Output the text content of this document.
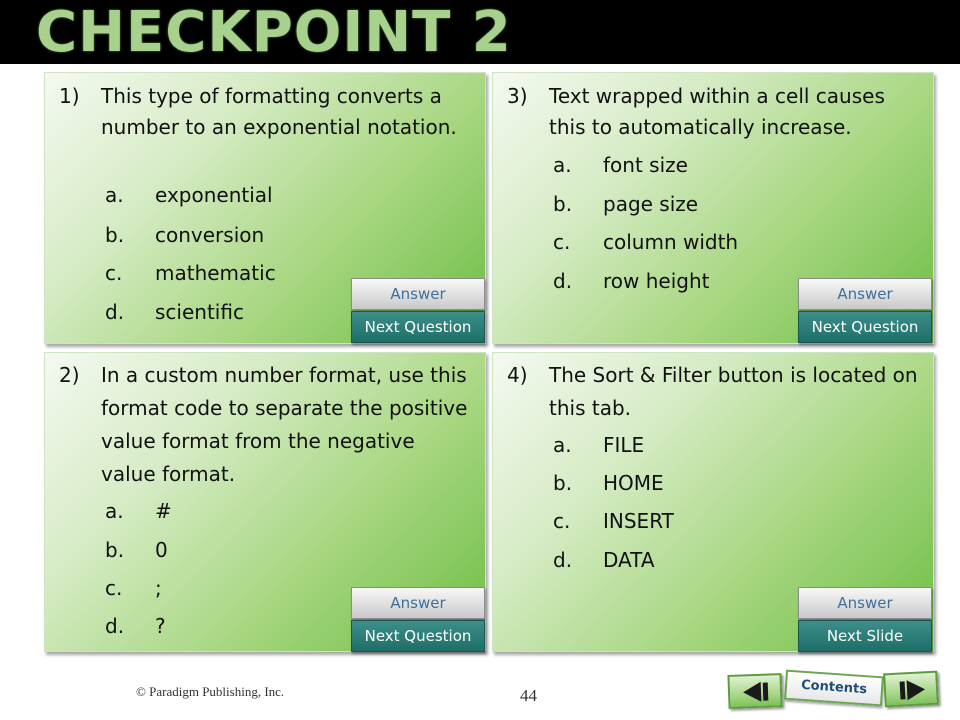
CHECKPOINT 2
1) This type of formatting converts a number to an exponential notation.
a. exponential
b. conversion
c. mathematic
d. scientific
Answer
Next Question
2) In a custom number format, use this format code to separate the positive value format from the negative value format.
a. #
b. 0
c. ;
d. ?
Answer
Next Question
3) Text wrapped within a cell causes this to automatically increase.
a. font size
b. page size
c. column width
d. row height
Answer
Next Question
4) The Sort & Filter button is located on this tab.
a. FILE
b. HOME
c. INSERT
d. DATA
Answer
Next Slide
© Paradigm Publishing, Inc.	44	Contents
